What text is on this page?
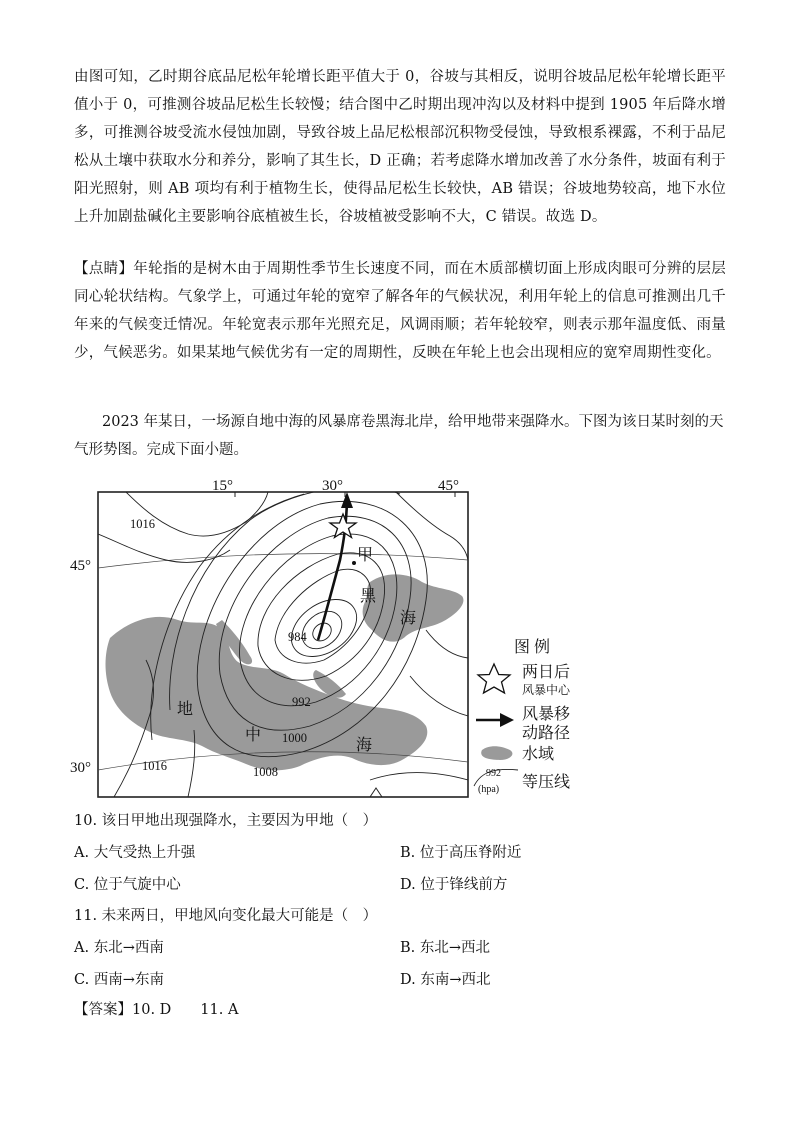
由图可知，乙时期谷底品尼松年轮增长距平值大于 0，谷坡与其相反，说明谷坡品尼松年轮增长距平值小于 0，可推测谷坡品尼松生长较慢；结合图中乙时期出现冲沟以及材料中提到 1905 年后降水增多，可推测谷坡受流水侵蚀加剧，导致谷坡上品尼松根部沉积物受侵蚀，导致根系裸露，不利于品尼松从土壤中获取水分和养分，影响了其生长，D 正确；若考虑降水增加改善了水分条件，坡面有利于阳光照射，则 AB 项均有利于植物生长，使得品尼松生长较快，AB 错误；谷坡地势较高，地下水位上升加剧盐碱化主要影响谷底植被生长，谷坡植被受影响不大，C 错误。故选 D。

【点睛】年轮指的是树木由于周期性季节生长速度不同，而在木质部横切面上形成肉眼可分辨的层层同心轮状结构。气象学上，可通过年轮的宽窄了解各年的气候状况，利用年轮上的信息可推测出几千年来的气候变迁情况。年轮宽表示那年光照充足，风调雨顺；若年轮较窄，则表示那年温度低、雨量少，气候恶劣。如果某地气候优劣有一定的周期性，反映在年轮上也会出现相应的宽窄周期性变化。

2023 年某日，一场源自地中海的风暴席卷黑海北岸，给甲地带来强降水。下图为该日某时刻的天气形势图。完成下面小题。

15°	30°	45°
45°
30°
1016
984
992
1000
1008
1016
甲
黑
海
地
中
海
图 例
两日后
风暴中心
风暴移
动路径
水域
992
(hpa) 等压线
10. 该日甲地出现强降水，主要因为甲地（　）
A. 大气受热上升强	B. 位于高压脊附近
C. 位于气旋中心	D. 位于锋线前方
11. 未来两日，甲地风向变化最大可能是（　）
A. 东北→西南	B. 东北→西北
C. 西南→东南	D. 东南→西北
【答案】10. D　　11. A
